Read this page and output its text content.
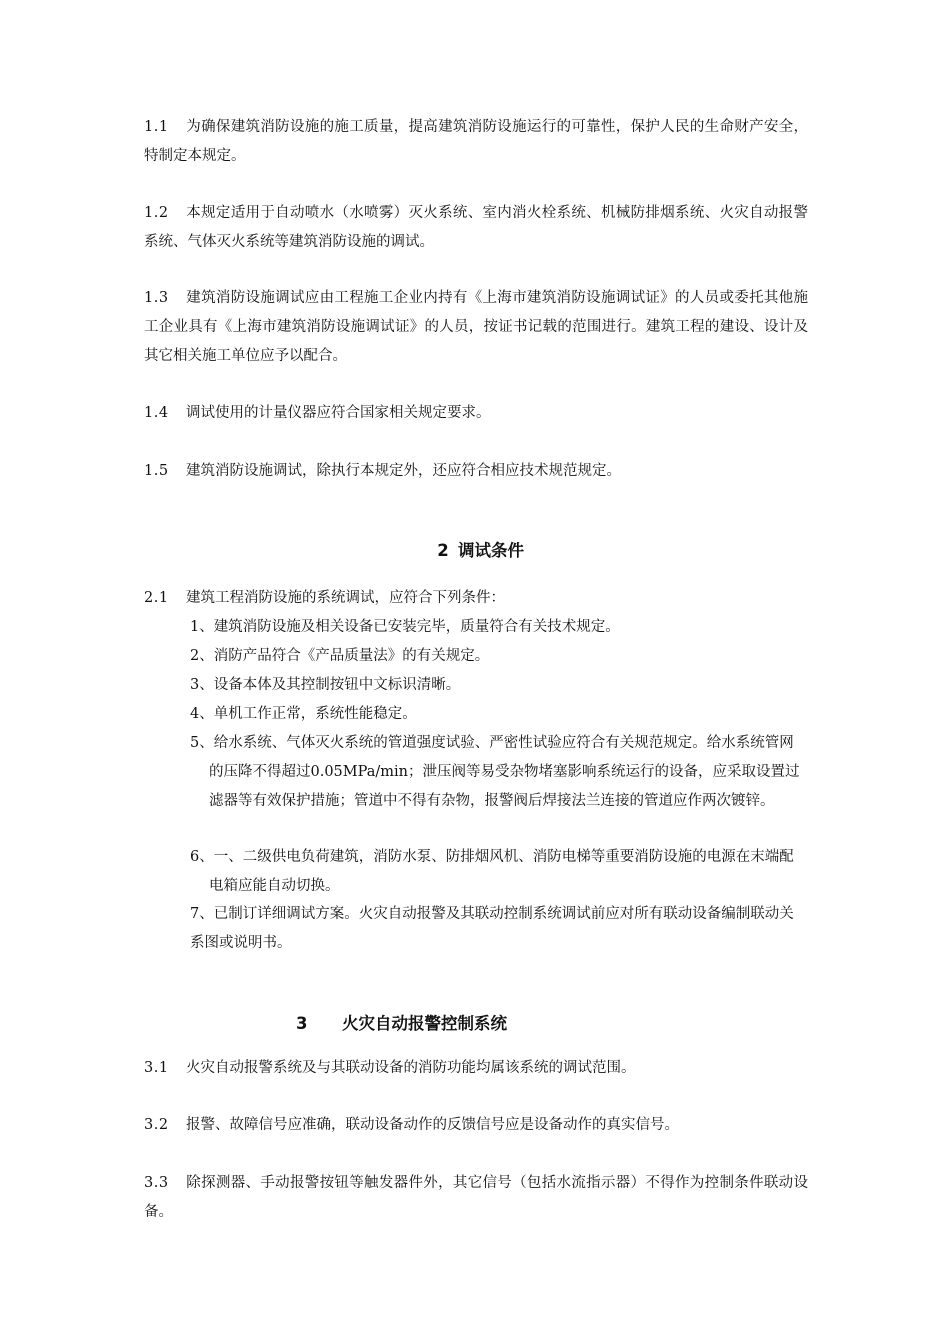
1.1 为确保建筑消防设施的施工质量，提高建筑消防设施运行的可靠性，保护人民的生命财产安全，特制定本规定。

1.2 本规定适用于自动喷水（水喷雾）灭火系统、室内消火栓系统、机械防排烟系统、火灾自动报警系统、气体灭火系统等建筑消防设施的调试。

1.3 建筑消防设施调试应由工程施工企业内持有《上海市建筑消防设施调试证》的人员或委托其他施工企业具有《上海市建筑消防设施调试证》的人员，按证书记载的范围进行。建筑工程的建设、设计及其它相关施工单位应予以配合。

1.4 调试使用的计量仪器应符合国家相关规定要求。

1.5 建筑消防设施调试，除执行本规定外，还应符合相应技术规范规定。

2 调试条件

2.1 建筑工程消防设施的系统调试，应符合下列条件：

1、建筑消防设施及相关设备已安装完毕，质量符合有关技术规定。

2、消防产品符合《产品质量法》的有关规定。

3、设备本体及其控制按钮中文标识清晰。

4、单机工作正常，系统性能稳定。

5、给水系统、气体灭火系统的管道强度试验、严密性试验应符合有关规范规定。给水系统管网的压降不得超过0.05MPa/min；泄压阀等易受杂物堵塞影响系统运行的设备，应采取设置过滤器等有效保护措施；管道中不得有杂物，报警阀后焊接法兰连接的管道应作两次镀锌。

6、一、二级供电负荷建筑，消防水泵、防排烟风机、消防电梯等重要消防设施的电源在末端配电箱应能自动切换。

7、已制订详细调试方案。火灾自动报警及其联动控制系统调试前应对所有联动设备编制联动关系图或说明书。

3 火灾自动报警控制系统

3.1 火灾自动报警系统及与其联动设备的消防功能均属该系统的调试范围。

3.2 报警、故障信号应准确，联动设备动作的反馈信号应是设备动作的真实信号。

3.3 除探测器、手动报警按钮等触发器件外，其它信号（包括水流指示器）不得作为控制条件联动设备。
